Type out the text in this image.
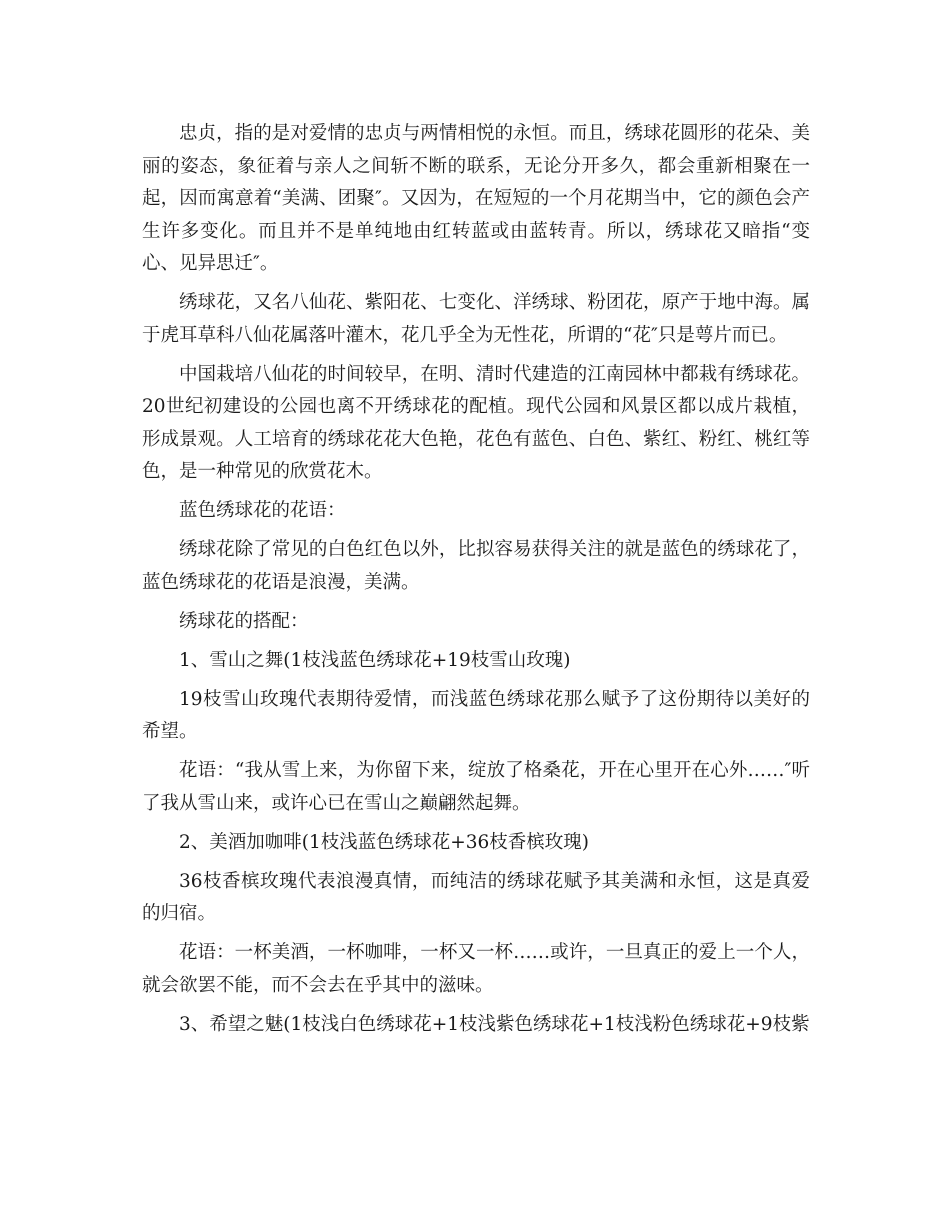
忠贞，指的是对爱情的忠贞与两情相悦的永恒。而且，绣球花圆形的花朵、美丽的姿态，象征着与亲人之间斩不断的联系，无论分开多久，都会重新相聚在一起，因而寓意着“美满、团聚″。又因为，在短短的一个月花期当中，它的颜色会产生许多变化。而且并不是单纯地由红转蓝或由蓝转青。所以，绣球花又暗指“变心、见异思迁″。

绣球花，又名八仙花、紫阳花、七变化、洋绣球、粉团花，原产于地中海。属于虎耳草科八仙花属落叶灌木，花几乎全为无性花，所谓的“花″只是萼片而已。

中国栽培八仙花的时间较早，在明、清时代建造的江南园林中都栽有绣球花。20世纪初建设的公园也离不开绣球花的配植。现代公园和风景区都以成片栽植，形成景观。人工培育的绣球花花大色艳，花色有蓝色、白色、紫红、粉红、桃红等色，是一种常见的欣赏花木。

蓝色绣球花的花语：

绣球花除了常见的白色红色以外，比拟容易获得关注的就是蓝色的绣球花了，蓝色绣球花的花语是浪漫，美满。

绣球花的搭配：

1、雪山之舞(1枝浅蓝色绣球花+19枝雪山玫瑰)

19枝雪山玫瑰代表期待爱情，而浅蓝色绣球花那么赋予了这份期待以美好的希望。

花语：“我从雪上来，为你留下来，绽放了格桑花，开在心里开在心外……″听了我从雪山来，或许心已在雪山之巅翩然起舞。

2、美酒加咖啡(1枝浅蓝色绣球花+36枝香槟玫瑰)

36枝香槟玫瑰代表浪漫真情，而纯洁的绣球花赋予其美满和永恒，这是真爱的归宿。

花语：一杯美酒，一杯咖啡，一杯又一杯……或许，一旦真正的爱上一个人，就会欲罢不能，而不会去在乎其中的滋味。

3、希望之魅(1枝浅白色绣球花+1枝浅紫色绣球花+1枝浅粉色绣球花+9枝紫
